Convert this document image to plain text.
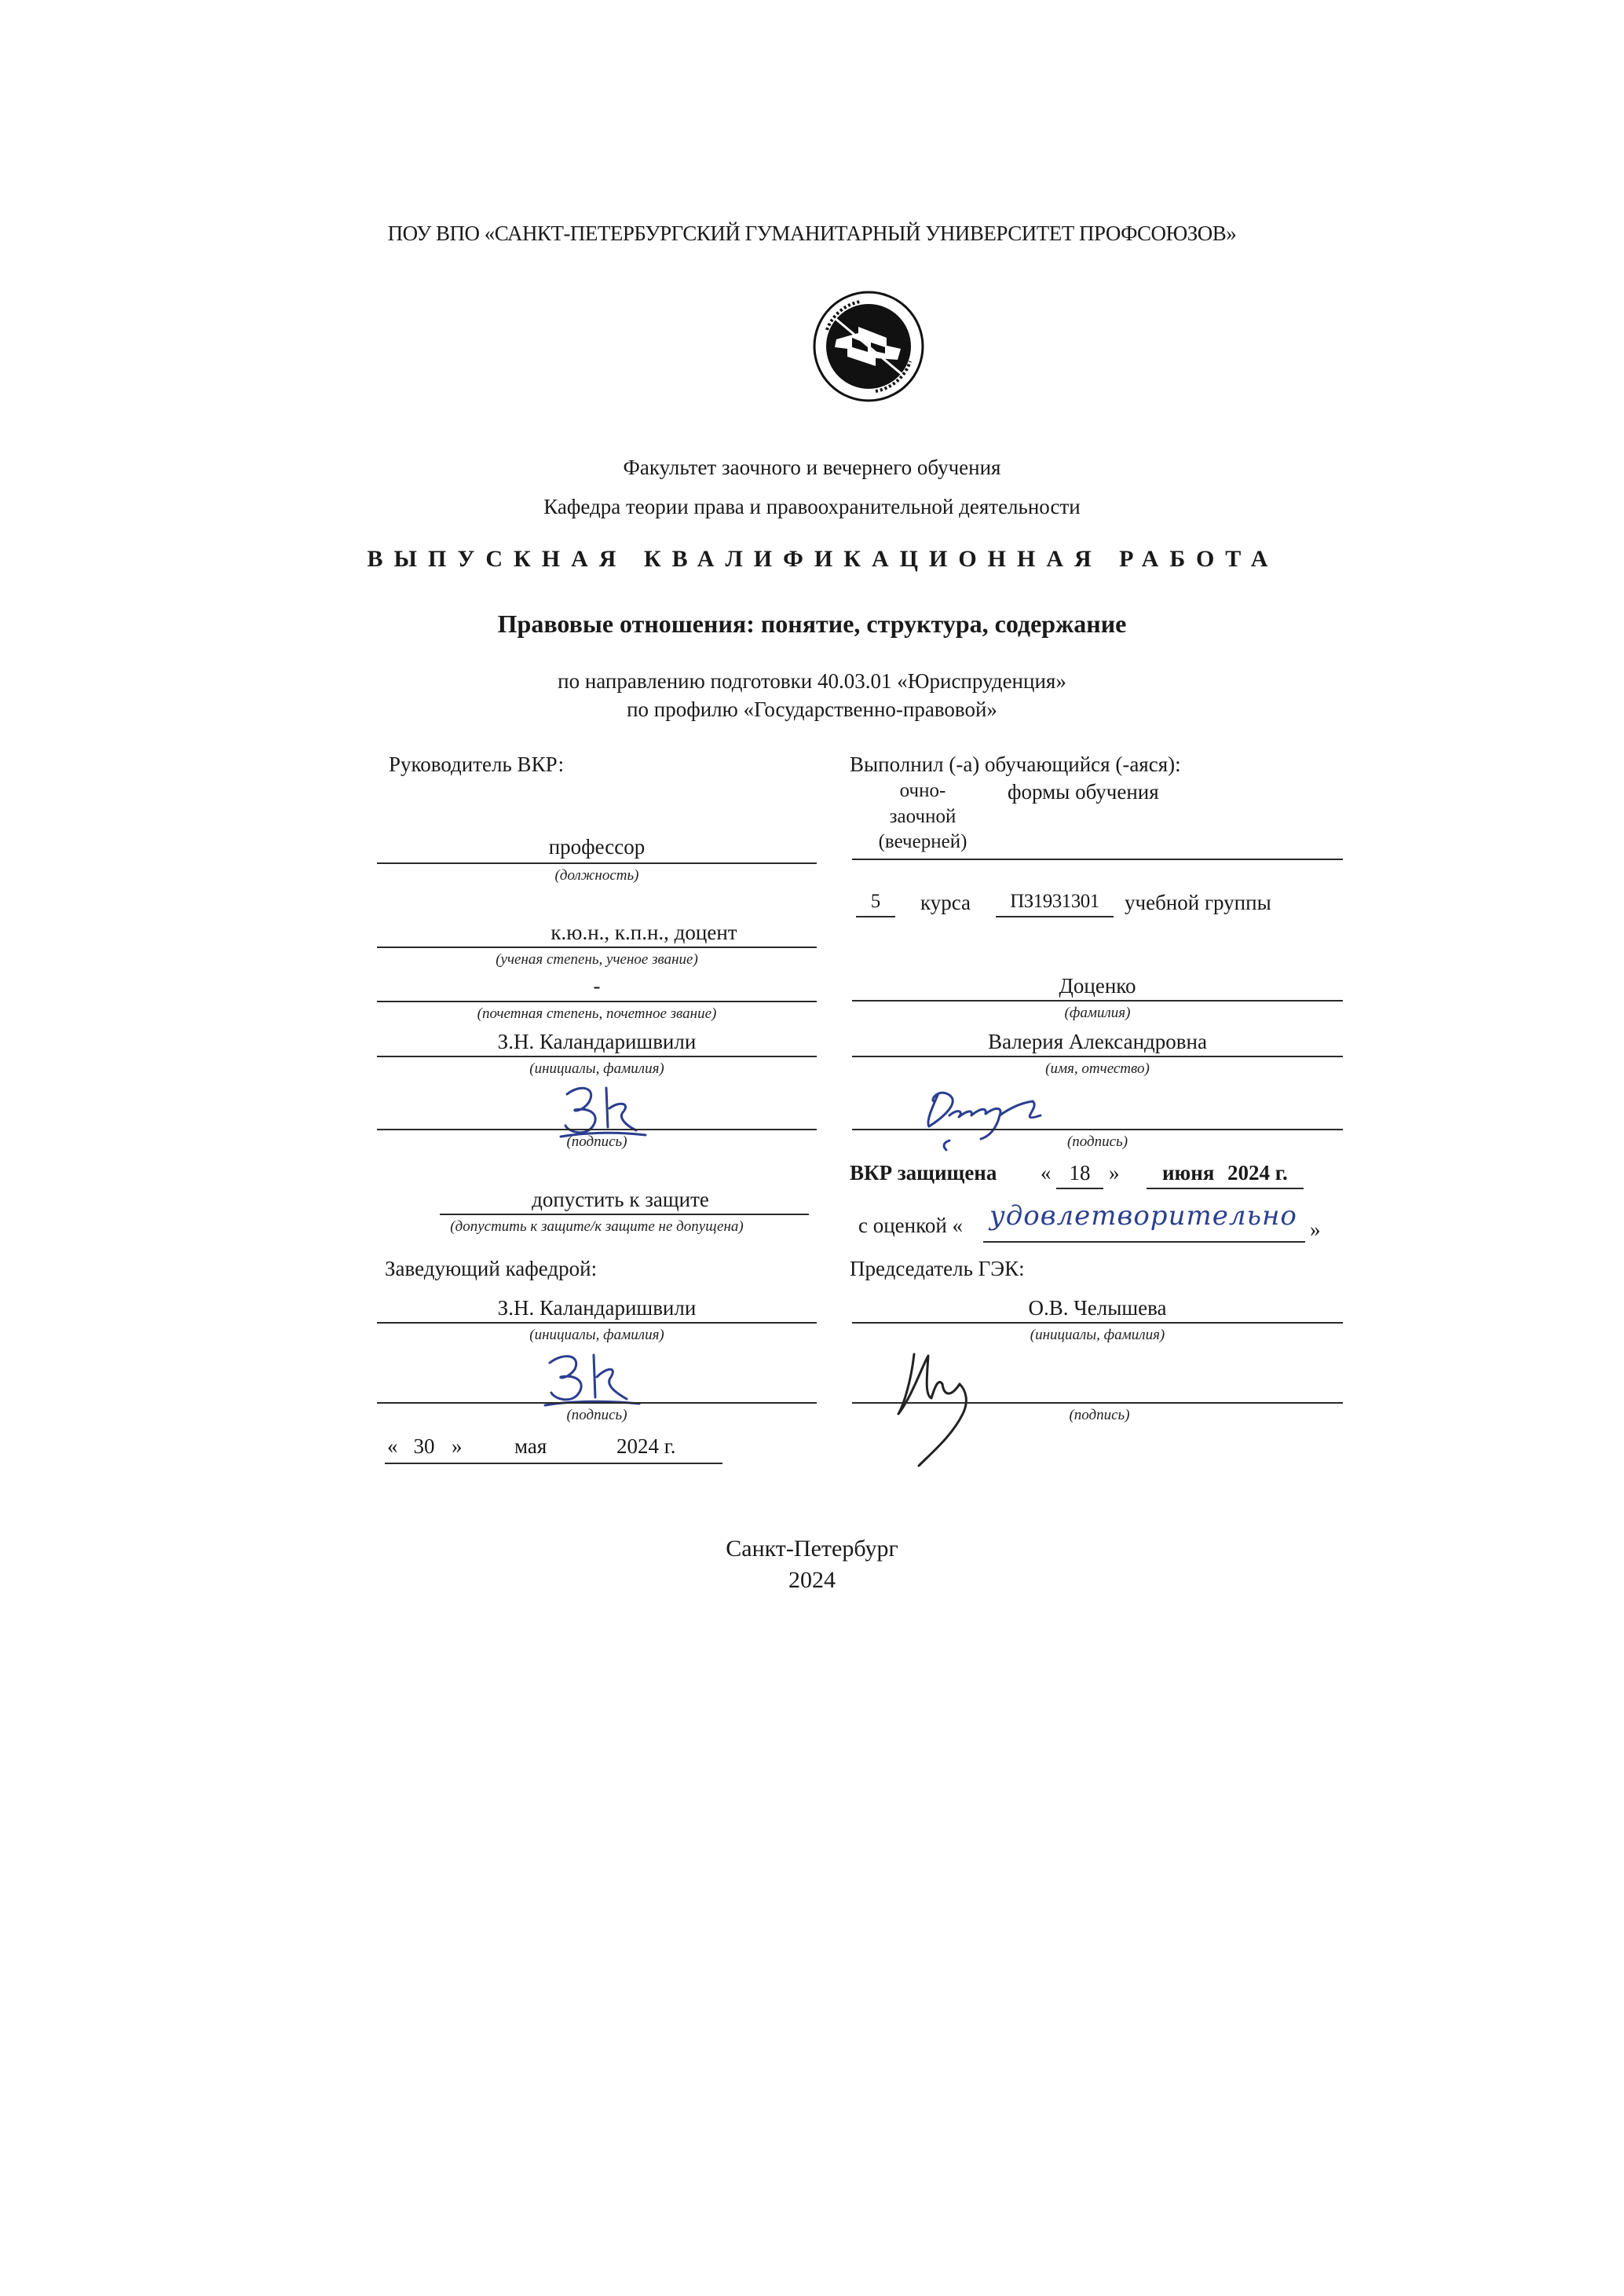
ПОУ ВПО «САНКТ-ПЕТЕРБУРГСКИЙ ГУМАНИТАРНЫЙ УНИВЕРСИТЕТ ПРОФСОЮЗОВ»
Факультет заочного и вечернего обучения
Кафедра теории права и правоохранительной деятельности
ВЫПУСКНАЯ КВАЛИФИКАЦИОННАЯ РАБОТА
Правовые отношения: понятие, структура, содержание
по направлению подготовки 40.03.01 «Юриспруденция»
по профилю «Государственно-правовой»
Руководитель ВКР:
профессор
(должность)
к.ю.н., к.п.н., доцент
(ученая степень, ученое звание)
-
(почетная степень, почетное звание)
З.Н. Каландаришвили
(инициалы, фамилия)
(подпись)
допустить к защите
(допустить к защите/к защите не допущена)
Заведующий кафедрой:
З.Н. Каландаришвили
(инициалы, фамилия)
(подпись)
« 30 » мая	2024 г.
Выполнил (-а) обучающийся (-аяся):
очно-
заочной
(вечерней)
формы обучения
5	курса	ПЗ1931301	учебной группы
Доценко
(фамилия)
Валерия Александровна
(имя, отчество)
(подпись)
ВКР защищена « 18 » июня 2024 г.
с оценкой « удовлетворительно »
Председатель ГЭК:
О.В. Челышева
(инициалы, фамилия)
(подпись)
Санкт-Петербург
2024
